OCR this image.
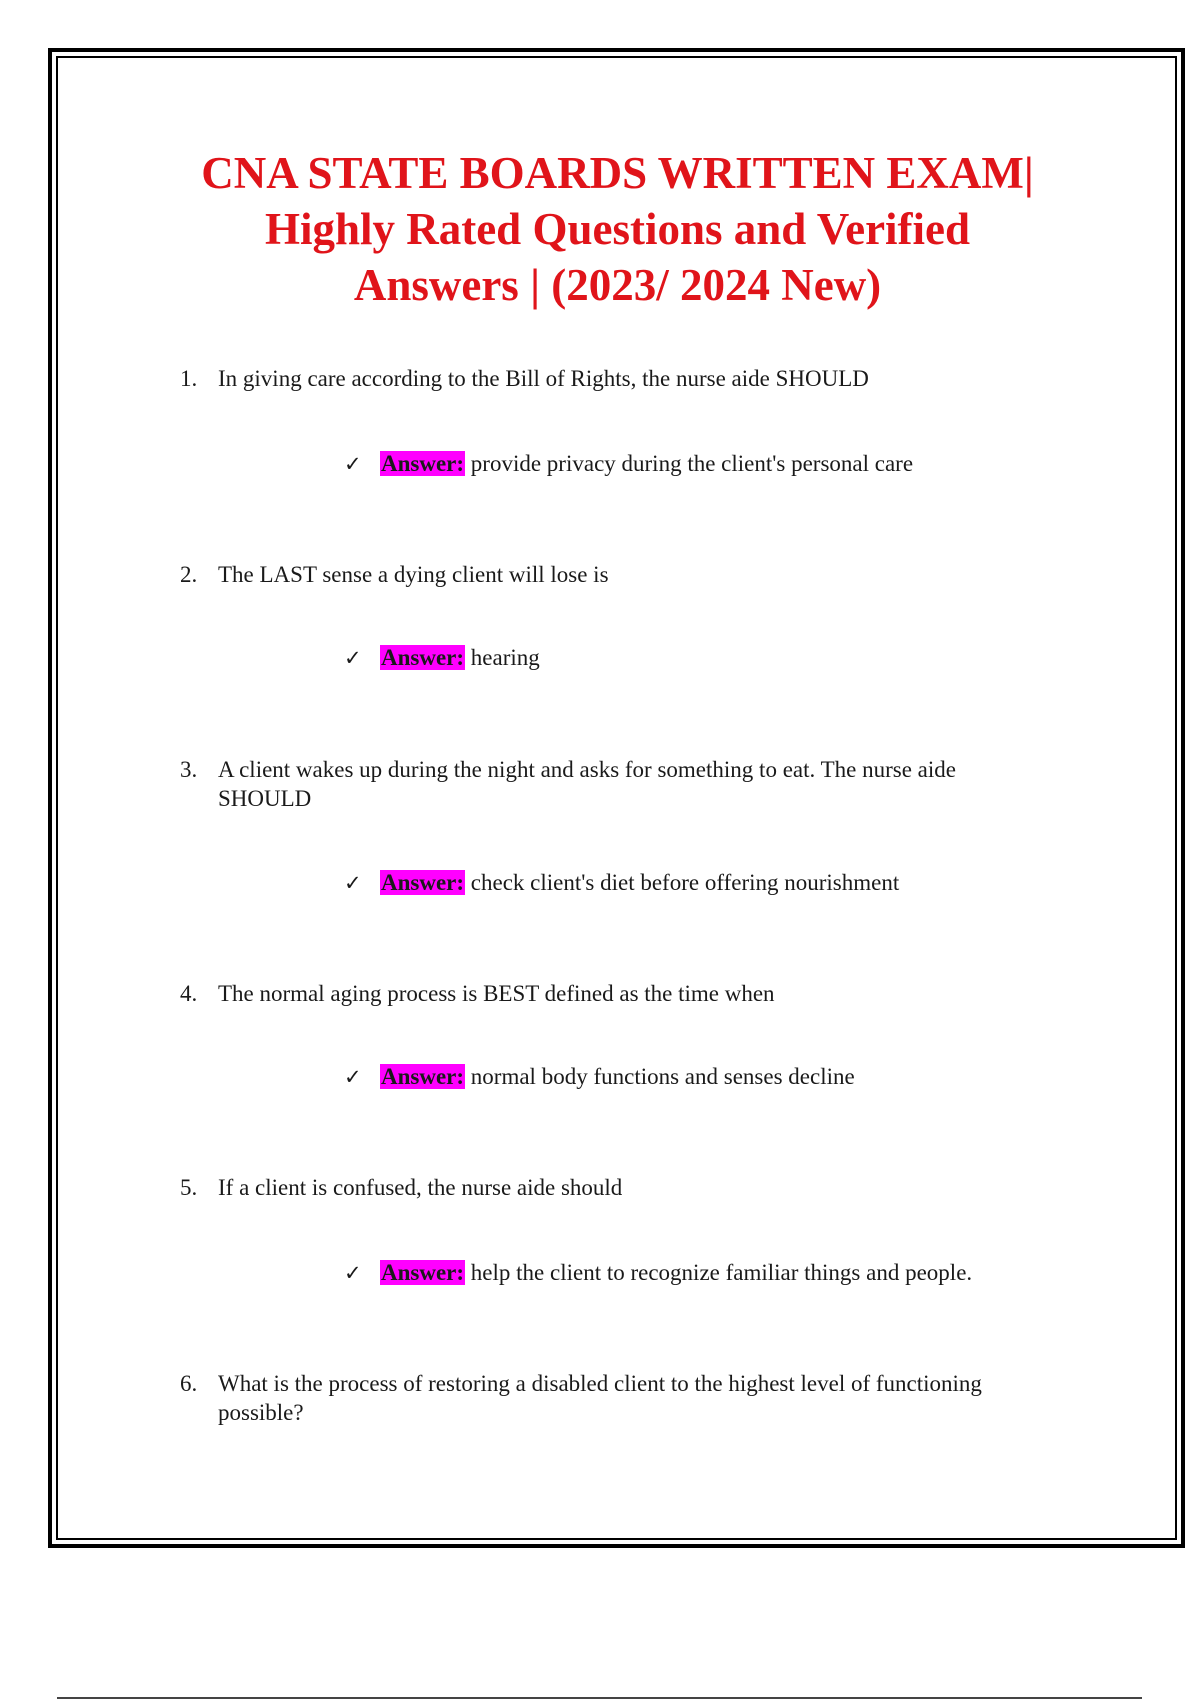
CNA STATE BOARDS WRITTEN EXAM|
Highly Rated Questions and Verified
Answers | (2023/ 2024 New)
1. In giving care according to the Bill of Rights, the nurse aide SHOULD
✓ Answer: provide privacy during the client's personal care
2. The LAST sense a dying client will lose is
✓ Answer: hearing
3. A client wakes up during the night and asks for something to eat. The nurse aide SHOULD
✓ Answer: check client's diet before offering nourishment
4. The normal aging process is BEST defined as the time when
✓ Answer: normal body functions and senses decline
5. If a client is confused, the nurse aide should
✓ Answer: help the client to recognize familiar things and people.
6. What is the process of restoring a disabled client to the highest level of functioning possible?
